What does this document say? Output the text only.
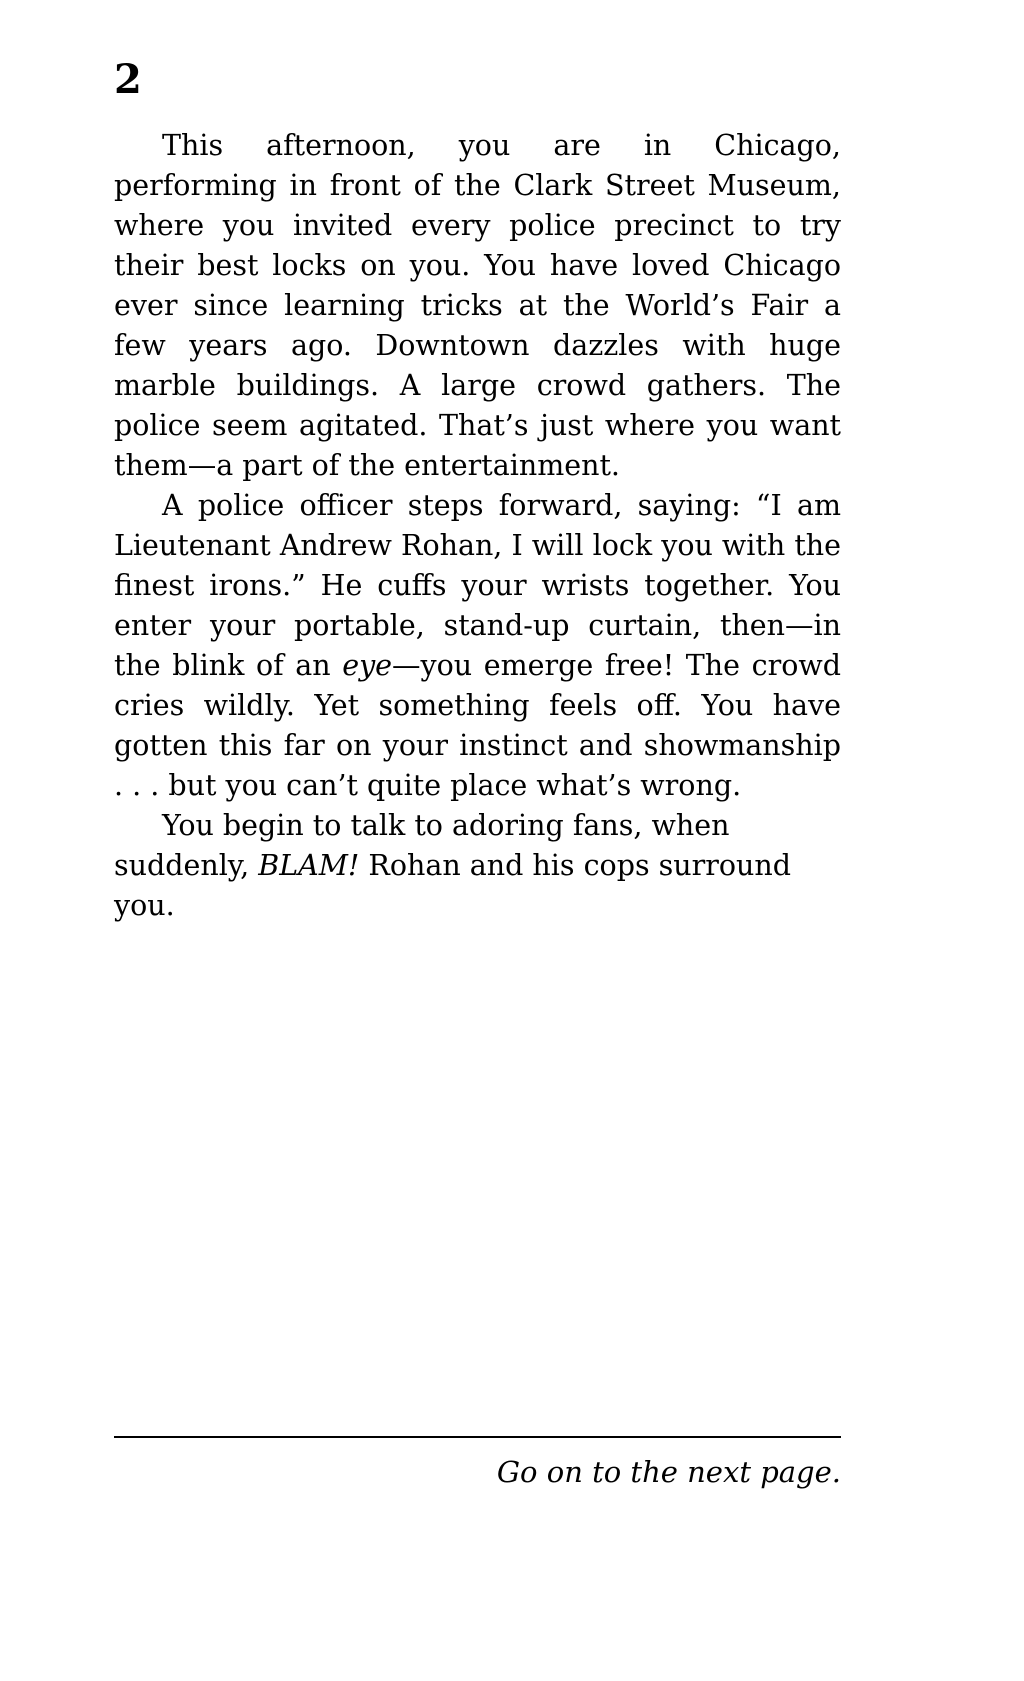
2
This afternoon, you are in Chicago, performing in front of the Clark Street Museum, where you invited every police precinct to try their best locks on you. You have loved Chicago ever since learning tricks at the World’s Fair a few years ago. Downtown dazzles with huge marble buildings. A large crowd gathers. The police seem agitated. That’s just where you want them—a part of the entertainment.
A police officer steps forward, saying: “I am Lieutenant Andrew Rohan, I will lock you with the finest irons.” He cuffs your wrists together. You enter your portable, stand-up curtain, then—in the blink of an eye—you emerge free! The crowd cries wildly. Yet something feels off. You have gotten this far on your instinct and showmanship . . . but you can’t quite place what’s wrong.
You begin to talk to adoring fans, when suddenly, BLAM! Rohan and his cops surround you.
Go on to the next page.
